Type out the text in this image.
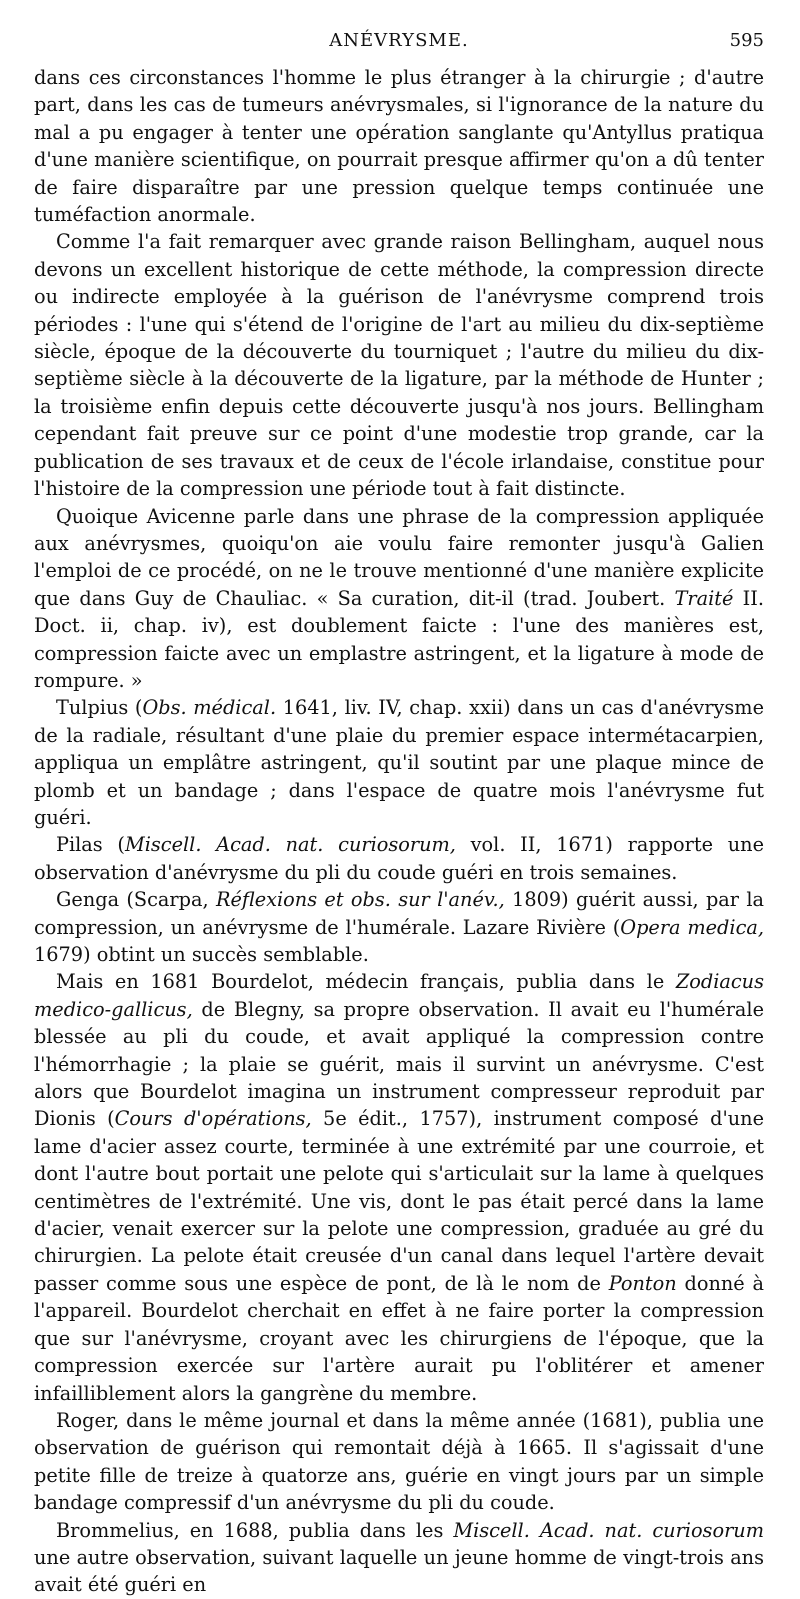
ANÉVRYSME.	595

dans ces circonstances l'homme le plus étranger à la chirurgie ; d'autre part, dans les cas de tumeurs anévrysmales, si l'ignorance de la nature du mal a pu engager à tenter une opération sanglante qu'Antyllus pratiqua d'une manière scientifique, on pourrait presque affirmer qu'on a dû tenter de faire disparaître par une pression quelque temps continuée une tuméfaction anormale.

Comme l'a fait remarquer avec grande raison Bellingham, auquel nous devons un excellent historique de cette méthode, la compression directe ou indirecte employée à la guérison de l'anévrysme comprend trois périodes : l'une qui s'étend de l'origine de l'art au milieu du dix-septième siècle, époque de la découverte du tourniquet ; l'autre du milieu du dix-septième siècle à la découverte de la ligature, par la méthode de Hunter ; la troisième enfin depuis cette découverte jusqu'à nos jours. Bellingham cependant fait preuve sur ce point d'une modestie trop grande, car la publication de ses travaux et de ceux de l'école irlandaise, constitue pour l'histoire de la compression une période tout à fait distincte.

Quoique Avicenne parle dans une phrase de la compression appliquée aux anévrysmes, quoiqu'on aie voulu faire remonter jusqu'à Galien l'emploi de ce procédé, on ne le trouve mentionné d'une manière explicite que dans Guy de Chauliac. « Sa curation, dit-il (trad. Joubert. Traité II. Doct. ii, chap. iv), est doublement faicte : l'une des manières est, compression faicte avec un emplastre astringent, et la ligature à mode de rompure. »

Tulpius (Obs. médical. 1641, liv. IV, chap. xxii) dans un cas d'anévrysme de la radiale, résultant d'une plaie du premier espace intermétacarpien, appliqua un emplâtre astringent, qu'il soutint par une plaque mince de plomb et un bandage ; dans l'espace de quatre mois l'anévrysme fut guéri.

Pilas (Miscell. Acad. nat. curiosorum, vol. II, 1671) rapporte une observation d'anévrysme du pli du coude guéri en trois semaines.

Genga (Scarpa, Réflexions et obs. sur l'anév., 1809) guérit aussi, par la compression, un anévrysme de l'humérale. Lazare Rivière (Opera medica, 1679) obtint un succès semblable.

Mais en 1681 Bourdelot, médecin français, publia dans le Zodiacus medico-gallicus, de Blegny, sa propre observation. Il avait eu l'humérale blessée au pli du coude, et avait appliqué la compression contre l'hémorrhagie ; la plaie se guérit, mais il survint un anévrysme. C'est alors que Bourdelot imagina un instrument compresseur reproduit par Dionis (Cours d'opérations, 5e édit., 1757), instrument composé d'une lame d'acier assez courte, terminée à une extrémité par une courroie, et dont l'autre bout portait une pelote qui s'articulait sur la lame à quelques centimètres de l'extrémité. Une vis, dont le pas était percé dans la lame d'acier, venait exercer sur la pelote une compression, graduée au gré du chirurgien. La pelote était creusée d'un canal dans lequel l'artère devait passer comme sous une espèce de pont, de là le nom de Ponton donné à l'appareil. Bourdelot cherchait en effet à ne faire porter la compression que sur l'anévrysme, croyant avec les chirurgiens de l'époque, que la compression exercée sur l'artère aurait pu l'oblitérer et amener infailliblement alors la gangrène du membre.

Roger, dans le même journal et dans la même année (1681), publia une observation de guérison qui remontait déjà à 1665. Il s'agissait d'une petite fille de treize à quatorze ans, guérie en vingt jours par un simple bandage compressif d'un anévrysme du pli du coude.

Brommelius, en 1688, publia dans les Miscell. Acad. nat. curiosorum une autre observation, suivant laquelle un jeune homme de vingt-trois ans avait été guéri en
